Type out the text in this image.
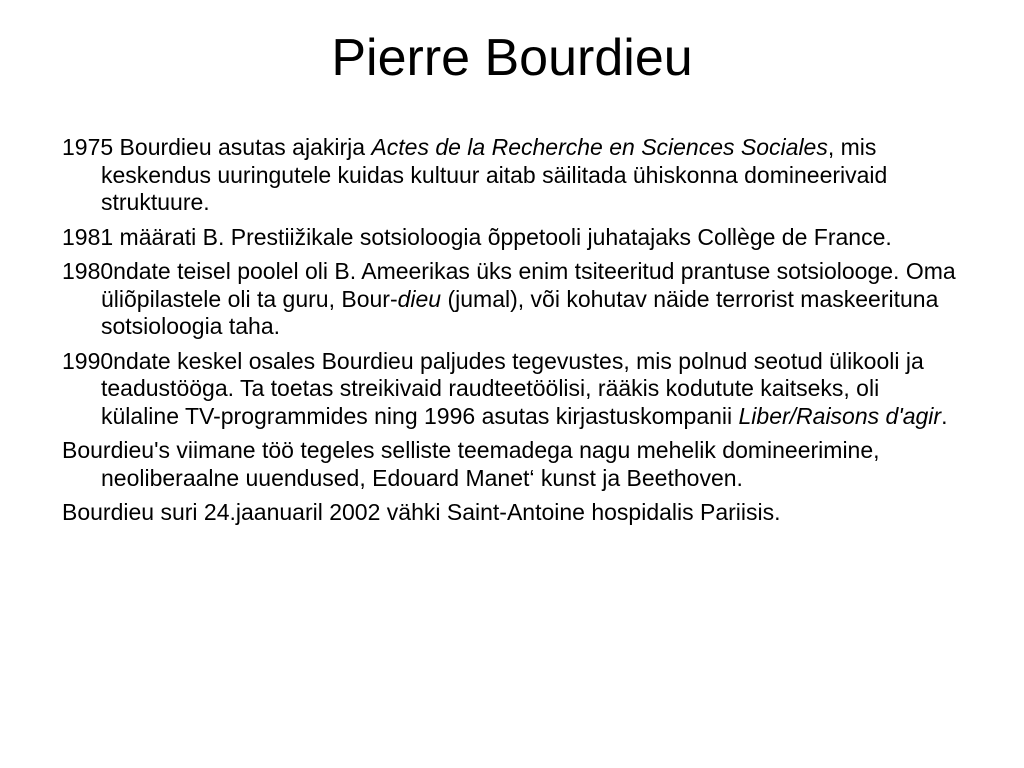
Pierre Bourdieu

1975 Bourdieu asutas ajakirja Actes de la Recherche en Sciences Sociales, mis keskendus uuringutele kuidas kultuur aitab säilitada ühiskonna domineerivaid struktuure.

1981 määrati B. Prestiižikale sotsioloogia õppetooli juhatajaks Collège de France.

1980ndate teisel poolel oli B. Ameerikas üks enim tsiteeritud prantuse sotsiolooge. Oma üliõpilastele oli ta guru, Bour-dieu (jumal), või kohutav näide terrorist maskeerituna sotsioloogia taha.

1990ndate keskel osales Bourdieu paljudes tegevustes, mis polnud seotud ülikooli ja teadustööga. Ta toetas streikivaid raudteetöölisi, rääkis kodutute kaitseks, oli külaline TV-programmides ning 1996 asutas kirjastuskompanii Liber/Raisons d'agir.

Bourdieu's viimane töö tegeles selliste teemadega nagu mehelik domineerimine, neoliberaalne uuendused, Edouard Manet‘ kunst ja Beethoven.

Bourdieu suri 24.jaanuaril 2002 vähki Saint-Antoine hospidalis Pariisis.
